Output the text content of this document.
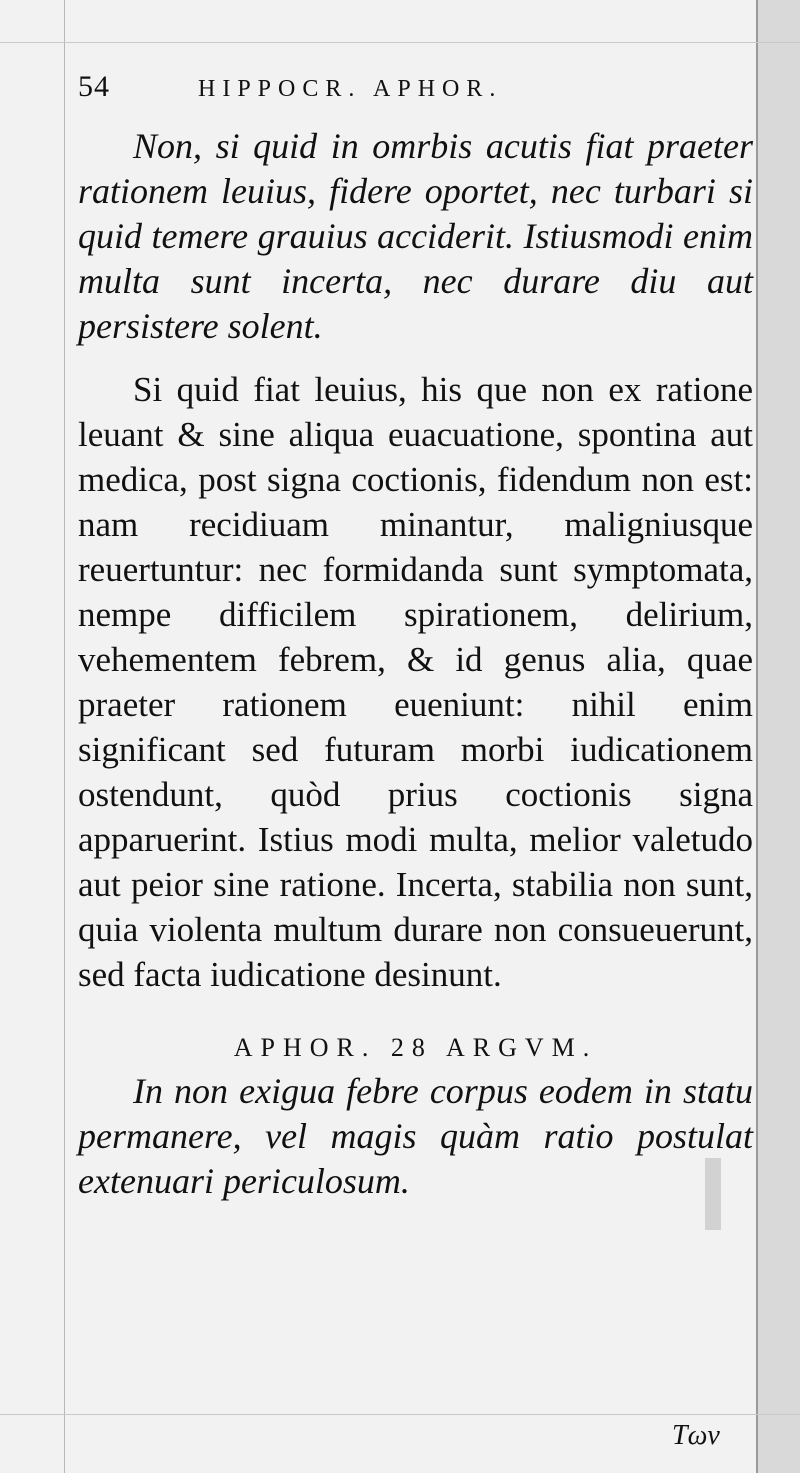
54	HIPPOCR. APHOR.

Non, si quid in omrbis acutis fiat praeter rationem leuius, fidere oportet, nec turbari si quid temere grauius acciderit. Istiusmodi enim multa sunt incerta, nec durare diu aut persistere solent.

Si quid fiat leuius, his que non ex ratione leuant & sine aliqua euacuatione, spontina aut medica, post signa coctionis, fidendum non est: nam recidiuam minantur, maligniusque reuertuntur: nec formidanda sunt symptomata, nempe difficilem spirationem, delirium, vehementem febrem, & id genus alia, quae praeter rationem eueniunt: nihil enim significant sed futuram morbi iudicationem ostendunt, quòd prius coctionis signa apparuerint. Istius modi multa, melior valetudo aut peior sine ratione. Incerta, stabilia non sunt, quia violenta multum durare non consueuerunt, sed facta iudicatione desinunt.

APHOR. 28 ARGVM.

In non exigua febre corpus eodem in statu permanere, vel magis quàm ratio postulat extenuari periculosum.

Tων
